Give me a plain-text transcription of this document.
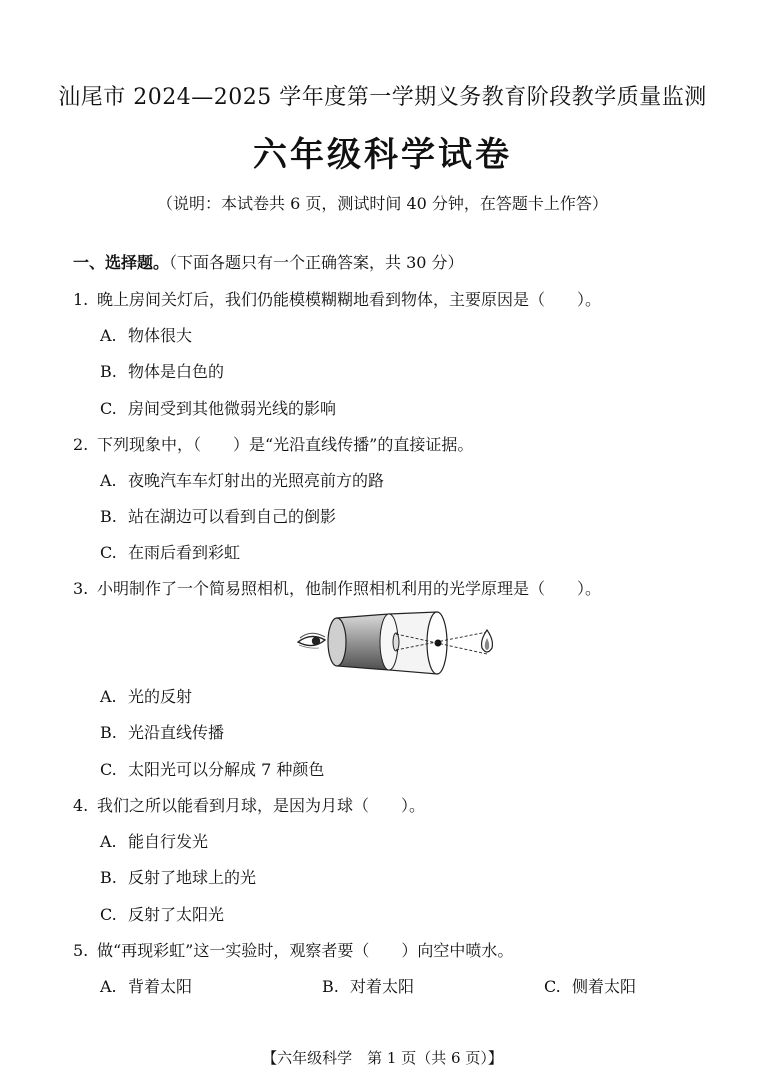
汕尾市 2024—2025 学年度第一学期义务教育阶段教学质量监测
六年级科学试卷
（说明：本试卷共 6 页，测试时间 40 分钟，在答题卡上作答）
一、选择题。（下面各题只有一个正确答案，共 30 分）
1. 晚上房间关灯后，我们仍能模模糊糊地看到物体，主要原因是（　　）。
A. 物体很大
B. 物体是白色的
C. 房间受到其他微弱光线的影响
2. 下列现象中，（　　）是“光沿直线传播”的直接证据。
A. 夜晚汽车车灯射出的光照亮前方的路
B. 站在湖边可以看到自己的倒影
C. 在雨后看到彩虹
3. 小明制作了一个简易照相机，他制作照相机利用的光学原理是（　　）。
A. 光的反射
B. 光沿直线传播
C. 太阳光可以分解成 7 种颜色
4. 我们之所以能看到月球，是因为月球（　　）。
A. 能自行发光
B. 反射了地球上的光
C. 反射了太阳光
5. 做“再现彩虹”这一实验时，观察者要（　　）向空中喷水。
A. 背着太阳	B. 对着太阳	C. 侧着太阳
【六年级科学　第 1 页（共 6 页）】
